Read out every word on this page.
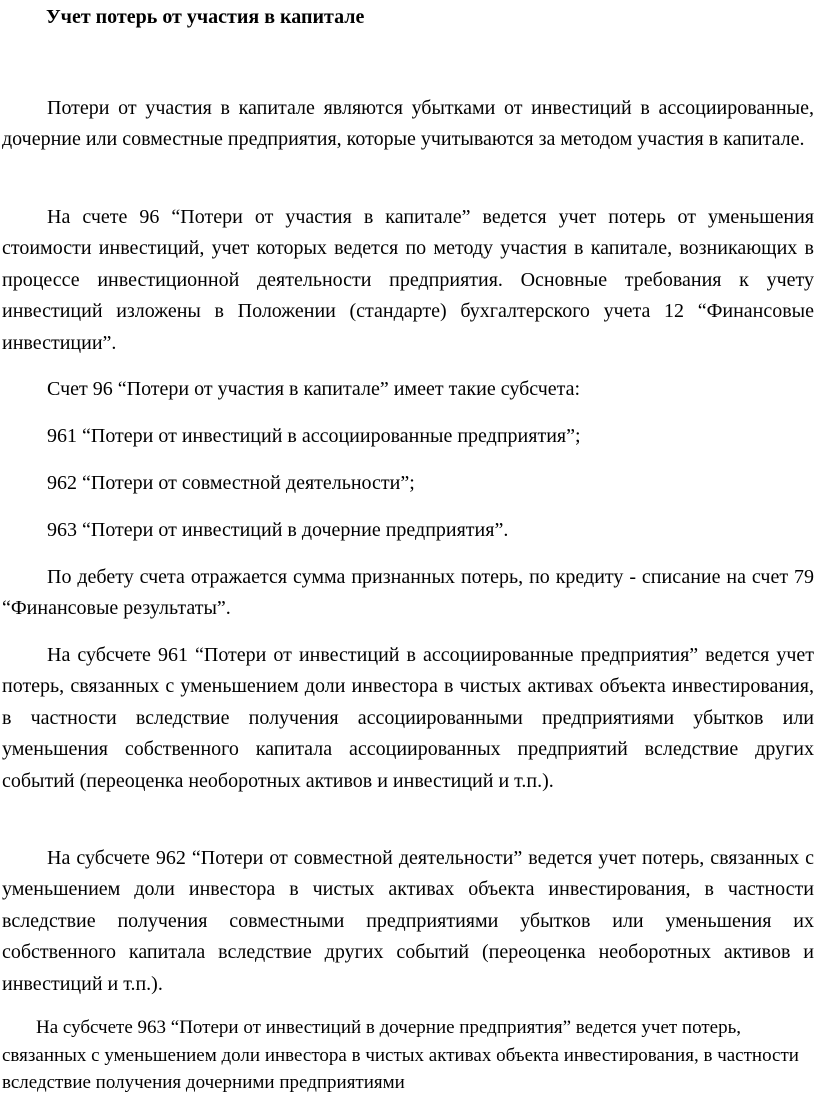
Учет потерь от участия в капитале

Потери от участия в капитале являются убытками от инвестиций в ассоциированные, дочерние или совместные предприятия, которые учитываются за методом участия в капитале.

На счете 96 “Потери от участия в капитале” ведется учет потерь от уменьшения стоимости инвестиций, учет которых ведется по методу участия в капитале, возникающих в процессе инвестиционной деятельности предприятия. Основные требования к учету инвестиций изложены в Положении (стандарте) бухгалтерского учета 12 “Финансовые инвестиции”.

Счет 96 “Потери от участия в капитале” имеет такие субсчета:

961 “Потери от инвестиций в ассоциированные предприятия”;

962 “Потери от совместной деятельности”;

963 “Потери от инвестиций в дочерние предприятия”.

По дебету счета отражается сумма признанных потерь, по кредиту - списание на счет 79 “Финансовые результаты”.

На субсчете 961 “Потери от инвестиций в ассоциированные предприятия” ведется учет потерь, связанных с уменьшением доли инвестора в чистых активах объекта инвестирования, в частности вследствие получения ассоциированными предприятиями убытков или уменьшения собственного капитала ассоциированных предприятий вследствие других событий (переоценка необоротных активов и инвестиций и т.п.).

На субсчете 962 “Потери от совместной деятельности” ведется учет потерь, связанных с уменьшением доли инвестора в чистых активах объекта инвестирования, в частности вследствие получения совместными предприятиями убытков или уменьшения их собственного капитала вследствие других событий (переоценка необоротных активов и инвестиций и т.п.).

На субсчете 963 “Потери от инвестиций в дочерние предприятия” ведется учет потерь, связанных с уменьшением доли инвестора в чистых активах объекта инвестирования, в частности вследствие получения дочерними предприятиями
